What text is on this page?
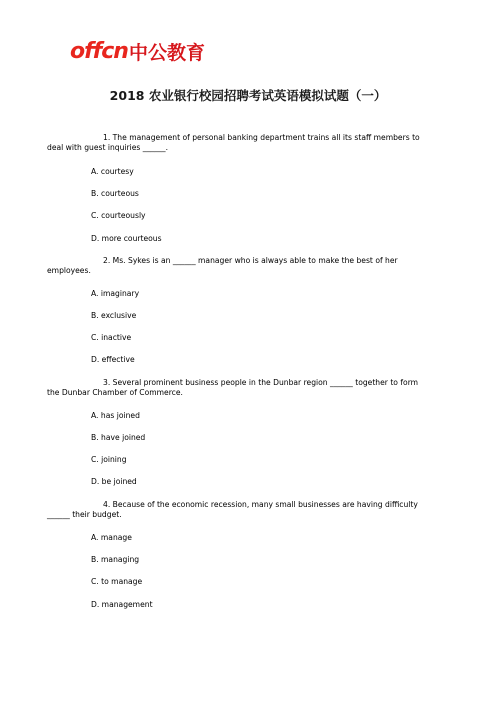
offcn中公教育
2018 农业银行校园招聘考试英语模拟试题（一）

1. The management of personal banking department trains all its staff members to
deal with guest inquiries ______.

A. courtesy
B. courteous
C. courteously
D. more courteous

2. Ms. Sykes is an ______ manager who is always able to make the best of her
employees.

A. imaginary
B. exclusive
C. inactive
D. effective

3. Several prominent business people in the Dunbar region ______ together to form
the Dunbar Chamber of Commerce.

A. has joined
B. have joined
C. joining
D. be joined

4. Because of the economic recession, many small businesses are having difficulty
______ their budget.

A. manage
B. managing
C. to manage
D. management
